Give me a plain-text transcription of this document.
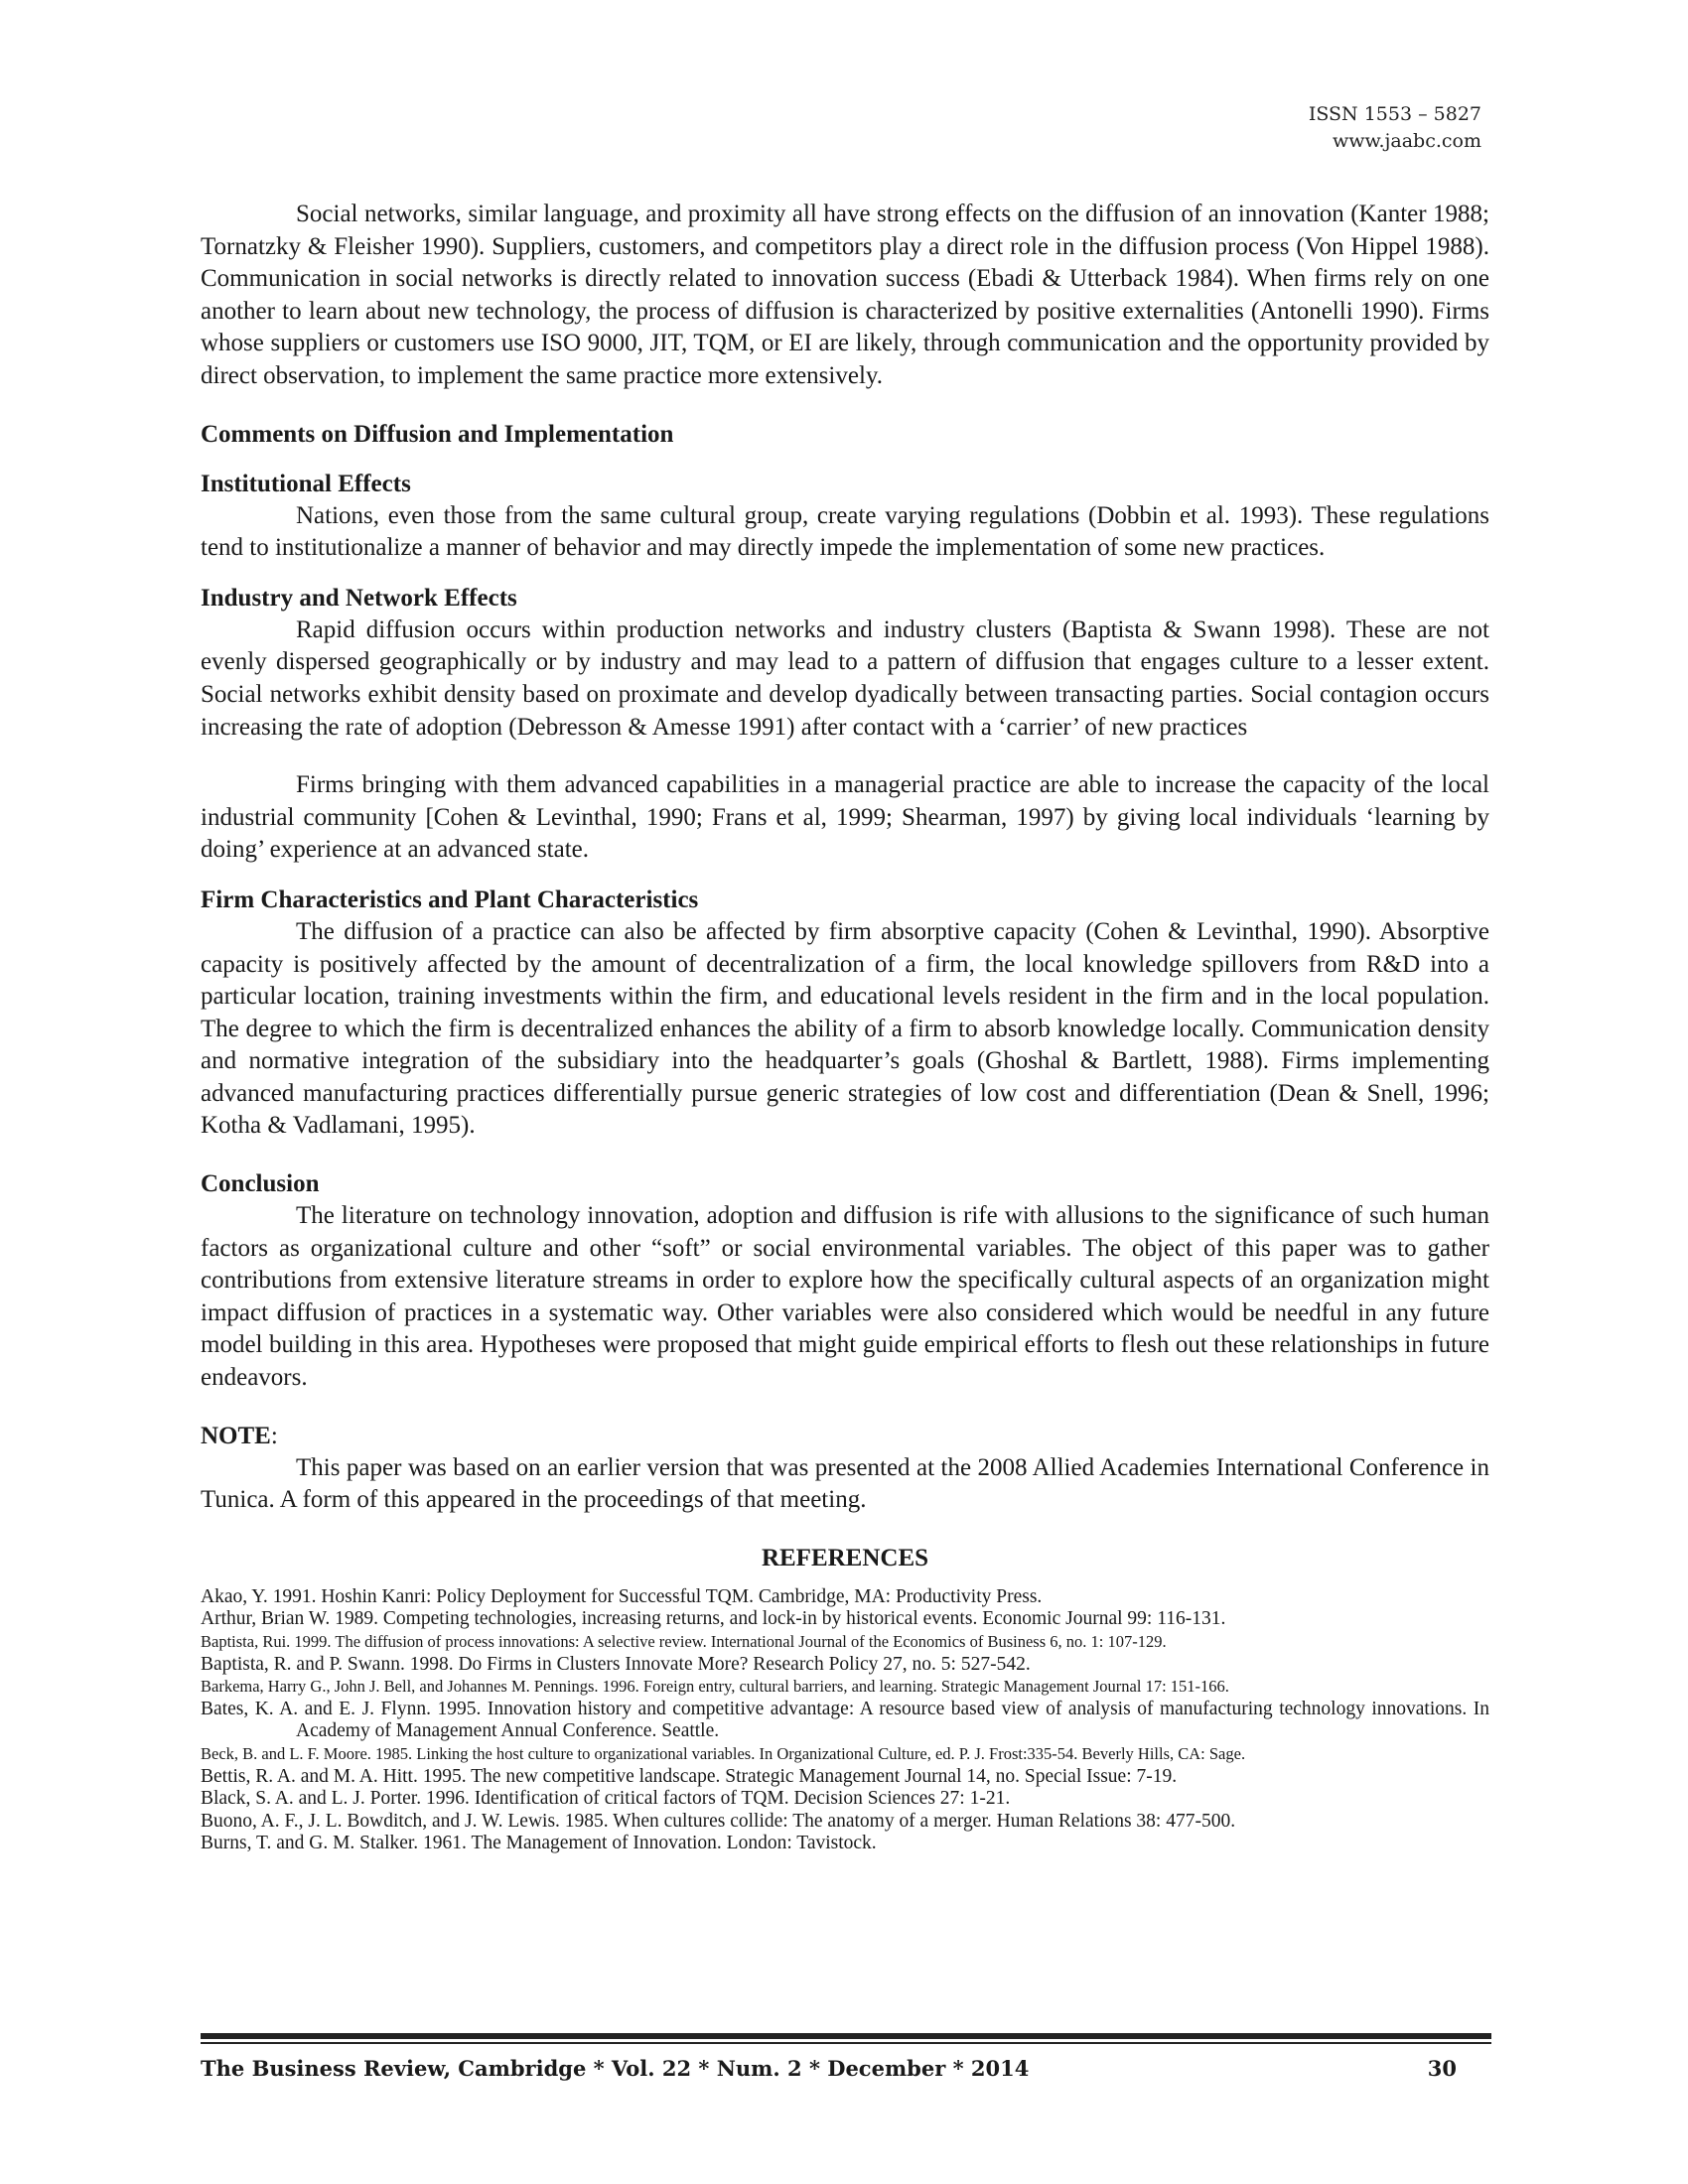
ISSN 1553 – 5827
www.jaabc.com

Social networks, similar language, and proximity all have strong effects on the diffusion of an innovation (Kanter 1988; Tornatzky & Fleisher 1990). Suppliers, customers, and competitors play a direct role in the diffusion process (Von Hippel 1988). Communication in social networks is directly related to innovation success (Ebadi & Utterback 1984). When firms rely on one another to learn about new technology, the process of diffusion is characterized by positive externalities (Antonelli 1990). Firms whose suppliers or customers use ISO 9000, JIT, TQM, or EI are likely, through communication and the opportunity provided by direct observation, to implement the same practice more extensively.

Comments on Diffusion and Implementation

Institutional Effects

Nations, even those from the same cultural group, create varying regulations (Dobbin et al. 1993). These regulations tend to institutionalize a manner of behavior and may directly impede the implementation of some new practices.

Industry and Network Effects

Rapid diffusion occurs within production networks and industry clusters (Baptista & Swann 1998). These are not evenly dispersed geographically or by industry and may lead to a pattern of diffusion that engages culture to a lesser extent. Social networks exhibit density based on proximate and develop dyadically between transacting parties. Social contagion occurs increasing the rate of adoption (Debresson & Amesse 1991) after contact with a ‘carrier’ of new practices

Firms bringing with them advanced capabilities in a managerial practice are able to increase the capacity of the local industrial community [Cohen & Levinthal, 1990; Frans et al, 1999; Shearman, 1997) by giving local individuals ‘learning by doing’ experience at an advanced state.

Firm Characteristics and Plant Characteristics

The diffusion of a practice can also be affected by firm absorptive capacity (Cohen & Levinthal, 1990). Absorptive capacity is positively affected by the amount of decentralization of a firm, the local knowledge spillovers from R&D into a particular location, training investments within the firm, and educational levels resident in the firm and in the local population. The degree to which the firm is decentralized enhances the ability of a firm to absorb knowledge locally. Communication density and normative integration of the subsidiary into the headquarter’s goals (Ghoshal & Bartlett, 1988). Firms implementing advanced manufacturing practices differentially pursue generic strategies of low cost and differentiation (Dean & Snell, 1996; Kotha & Vadlamani, 1995).

Conclusion

The literature on technology innovation, adoption and diffusion is rife with allusions to the significance of such human factors as organizational culture and other “soft” or social environmental variables. The object of this paper was to gather contributions from extensive literature streams in order to explore how the specifically cultural aspects of an organization might impact diffusion of practices in a systematic way. Other variables were also considered which would be needful in any future model building in this area. Hypotheses were proposed that might guide empirical efforts to flesh out these relationships in future endeavors.

NOTE:

This paper was based on an earlier version that was presented at the 2008 Allied Academies International Conference in Tunica. A form of this appeared in the proceedings of that meeting.

REFERENCES

Akao, Y. 1991. Hoshin Kanri: Policy Deployment for Successful TQM. Cambridge, MA: Productivity Press.

Arthur, Brian W. 1989. Competing technologies, increasing returns, and lock-in by historical events. Economic Journal 99: 116-131.

Baptista, Rui. 1999. The diffusion of process innovations: A selective review. International Journal of the Economics of Business 6, no. 1: 107-129.

Baptista, R. and P. Swann. 1998. Do Firms in Clusters Innovate More? Research Policy 27, no. 5: 527-542.

Barkema, Harry G., John J. Bell, and Johannes M. Pennings. 1996. Foreign entry, cultural barriers, and learning. Strategic Management Journal 17: 151-166.

Bates, K. A. and E. J. Flynn. 1995. Innovation history and competitive advantage: A resource based view of analysis of manufacturing technology innovations. In Academy of Management Annual Conference. Seattle.

Beck, B. and L. F. Moore. 1985. Linking the host culture to organizational variables. In Organizational Culture, ed. P. J. Frost:335-54. Beverly Hills, CA: Sage.

Bettis, R. A. and M. A. Hitt. 1995. The new competitive landscape. Strategic Management Journal 14, no. Special Issue: 7-19.

Black, S. A. and L. J. Porter. 1996. Identification of critical factors of TQM. Decision Sciences 27: 1-21.

Buono, A. F., J. L. Bowditch, and J. W. Lewis. 1985. When cultures collide: The anatomy of a merger. Human Relations 38: 477-500.

Burns, T. and G. M. Stalker. 1961. The Management of Innovation. London: Tavistock.

The Business Review, Cambridge * Vol. 22 * Num. 2 * December * 2014	30
